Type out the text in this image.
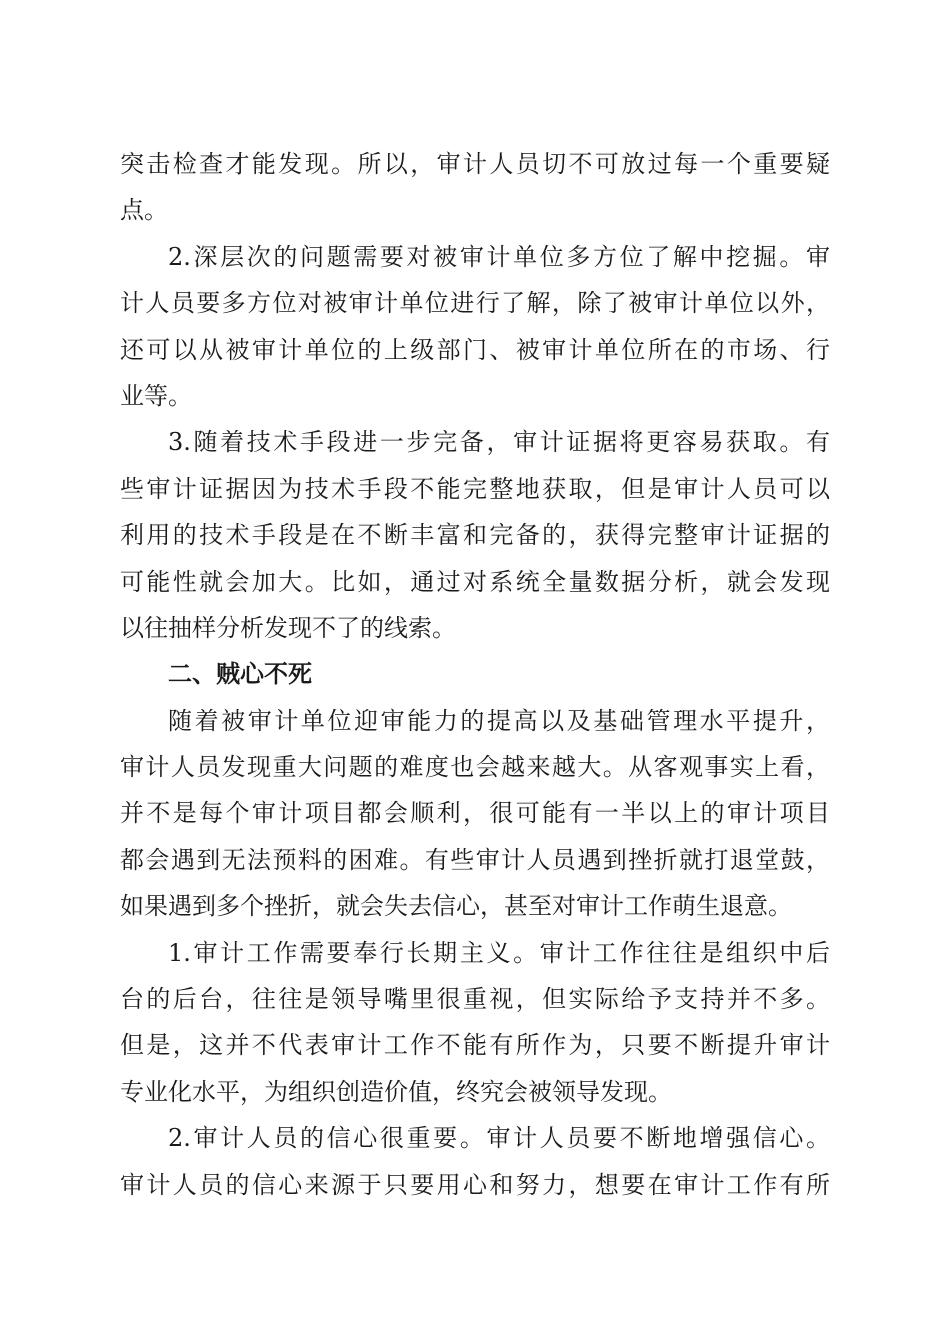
突击检查才能发现。所以，审计人员切不可放过每一个重要疑
点。
2.深层次的问题需要对被审计单位多方位了解中挖掘。审
计人员要多方位对被审计单位进行了解，除了被审计单位以外，
还可以从被审计单位的上级部门、被审计单位所在的市场、行
业等。
3.随着技术手段进一步完备，审计证据将更容易获取。有
些审计证据因为技术手段不能完整地获取，但是审计人员可以
利用的技术手段是在不断丰富和完备的，获得完整审计证据的
可能性就会加大。比如，通过对系统全量数据分析，就会发现
以往抽样分析发现不了的线索。
二、贼心不死
随着被审计单位迎审能力的提高以及基础管理水平提升，
审计人员发现重大问题的难度也会越来越大。从客观事实上看，
并不是每个审计项目都会顺利，很可能有一半以上的审计项目
都会遇到无法预料的困难。有些审计人员遇到挫折就打退堂鼓，
如果遇到多个挫折，就会失去信心，甚至对审计工作萌生退意。
1.审计工作需要奉行长期主义。审计工作往往是组织中后
台的后台，往往是领导嘴里很重视，但实际给予支持并不多。
但是，这并不代表审计工作不能有所作为，只要不断提升审计
专业化水平，为组织创造价值，终究会被领导发现。
2.审计人员的信心很重要。审计人员要不断地增强信心。
审计人员的信心来源于只要用心和努力，想要在审计工作有所
